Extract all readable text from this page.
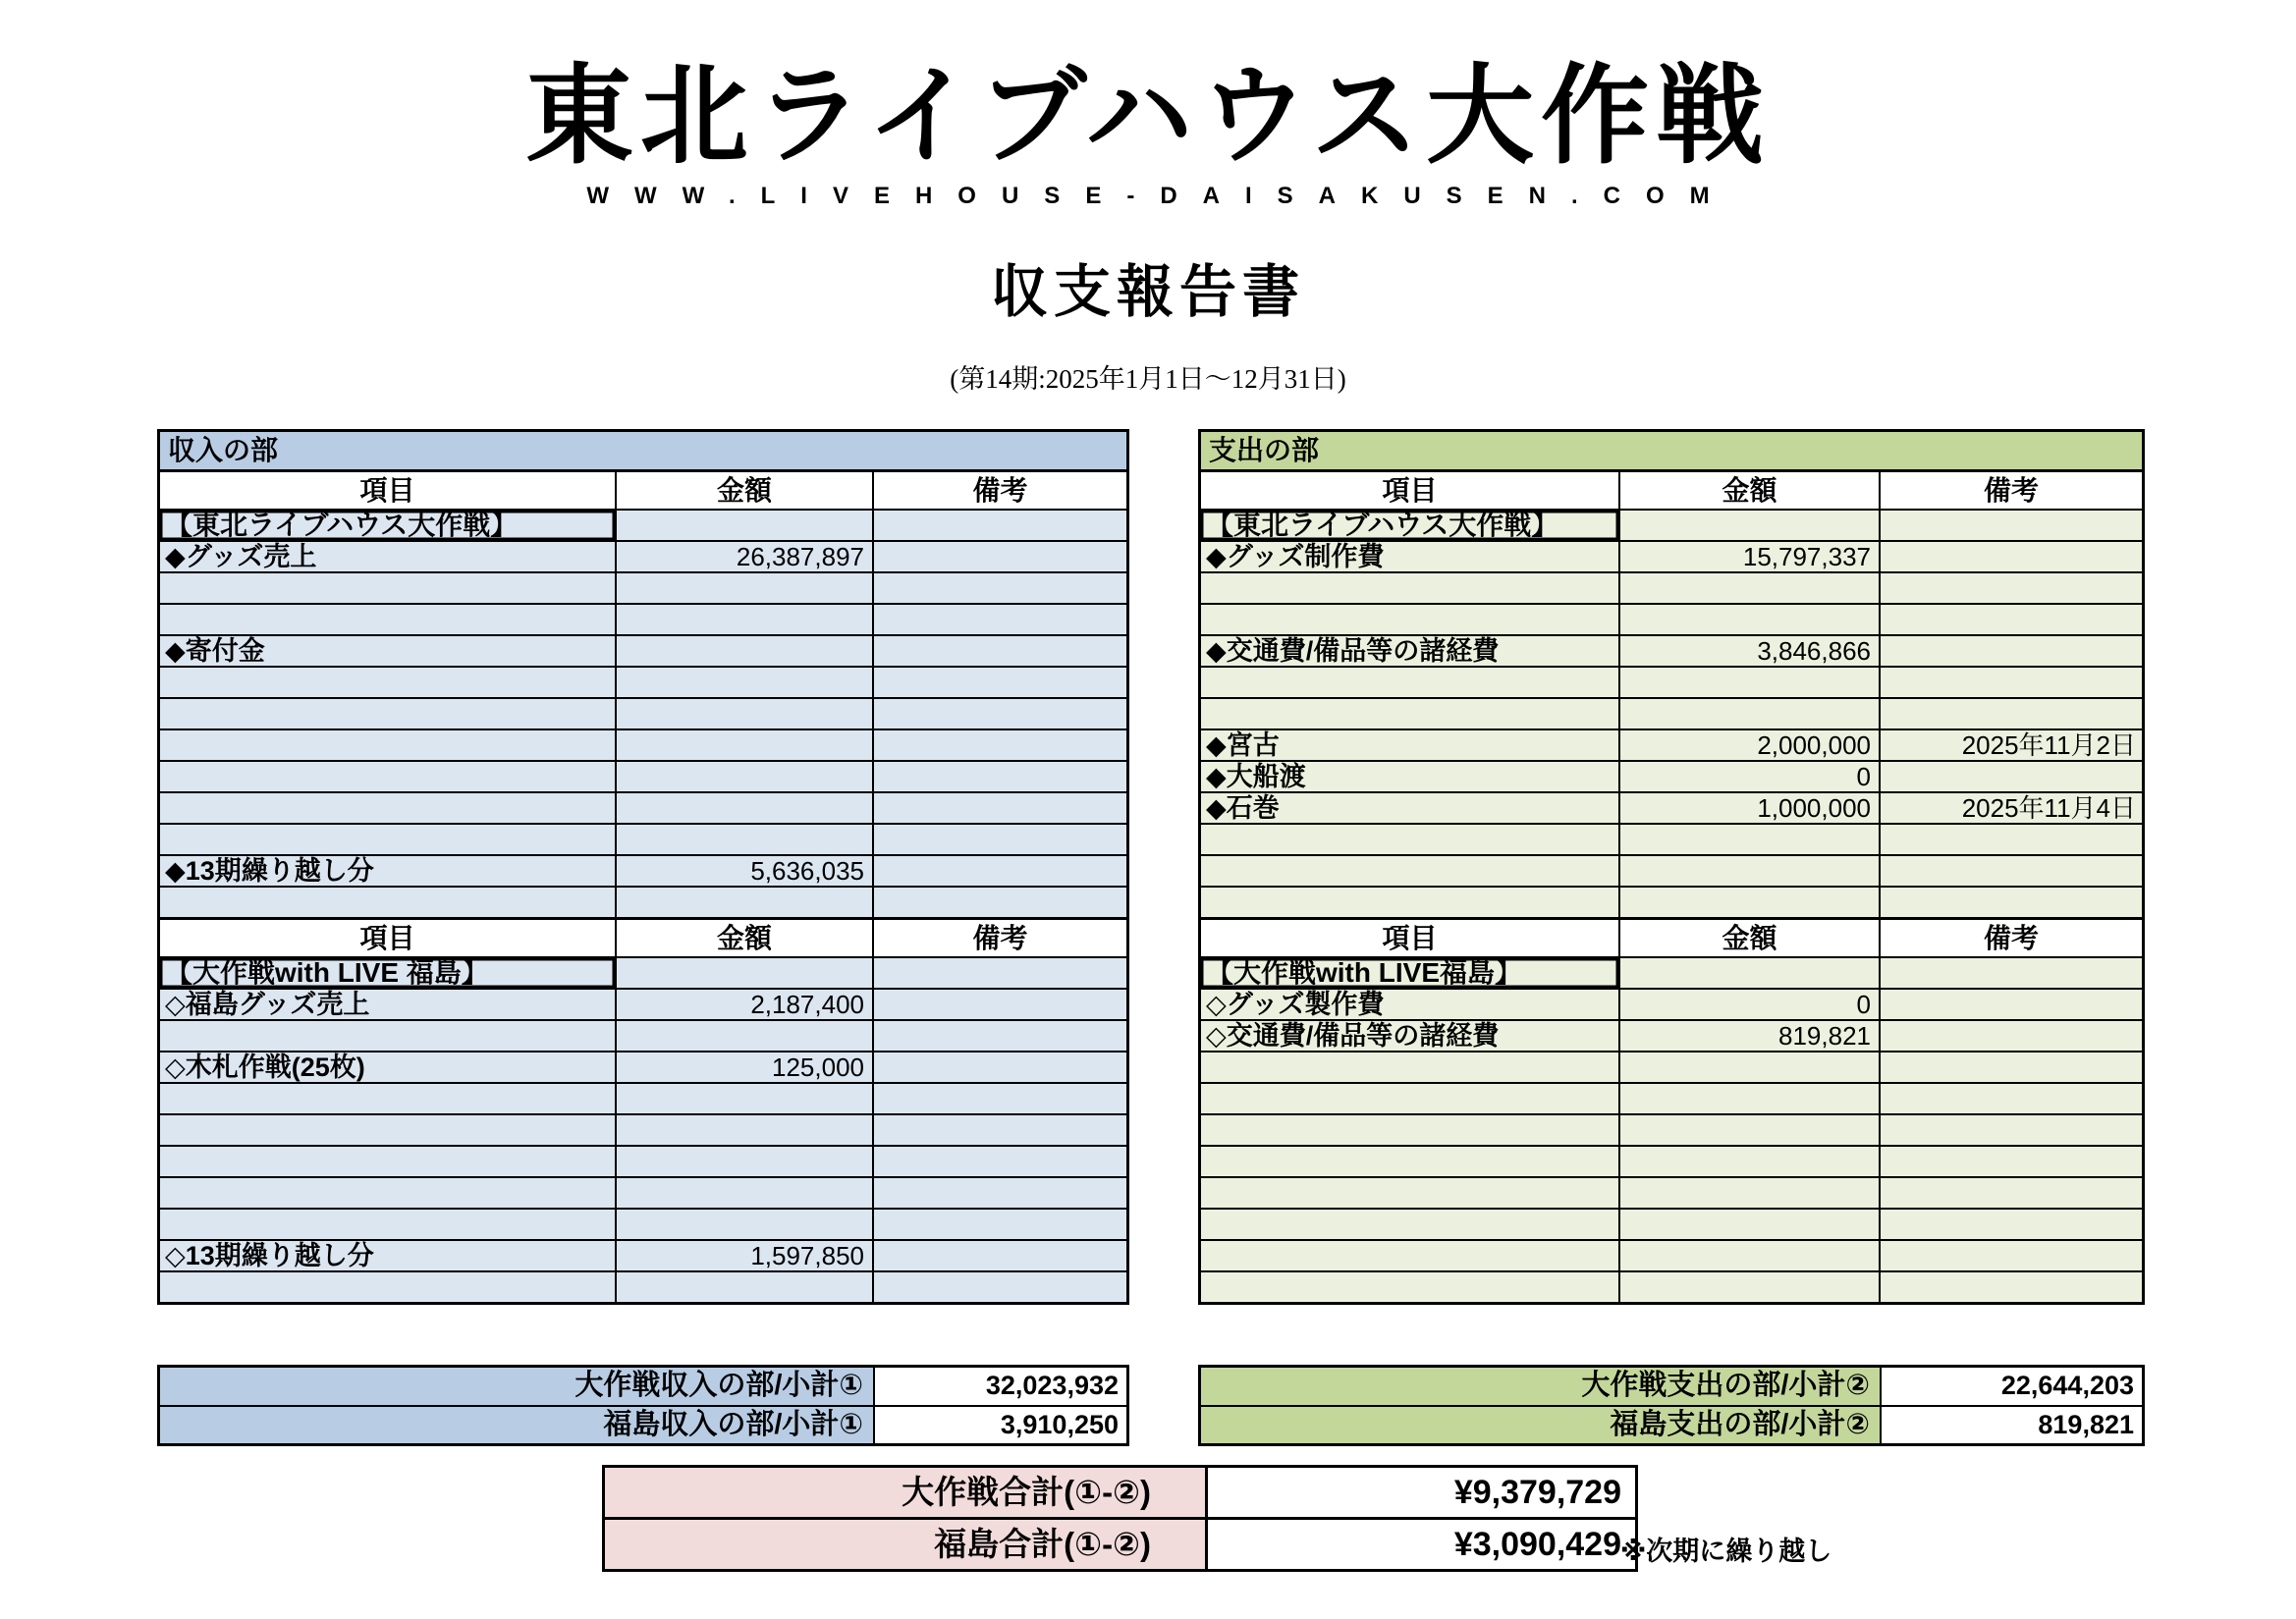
東北ライブハウス大作戦
WWW.LIVEHOUSE-DAISAKUSEN.COM
収支報告書
(第14期:2025年1月1日～12月31日)
収入の部
項目	金額	備考
【東北ライブハウス大作戦】
◆グッズ売上	26,387,897
◆寄付金
◆13期繰り越し分	5,636,035
項目	金額	備考
【大作戦with LIVE 福島】
◇福島グッズ売上	2,187,400
◇木札作戦(25枚)	125,000
◇13期繰り越し分	1,597,850
支出の部
項目	金額	備考
【東北ライブハウス大作戦】
◆グッズ制作費	15,797,337
◆交通費/備品等の諸経費	3,846,866
◆宮古	2,000,000	2025年11月2日
◆大船渡	0
◆石巻	1,000,000	2025年11月4日
項目	金額	備考
【大作戦with LIVE福島】
◇グッズ製作費	0
◇交通費/備品等の諸経費	819,821
大作戦収入の部/小計①	32,023,932
福島収入の部/小計①	3,910,250
大作戦支出の部/小計②	22,644,203
福島支出の部/小計②	819,821
大作戦合計(①-②)	¥9,379,729
福島合計(①-②)	¥3,090,429 ※次期に繰り越し
